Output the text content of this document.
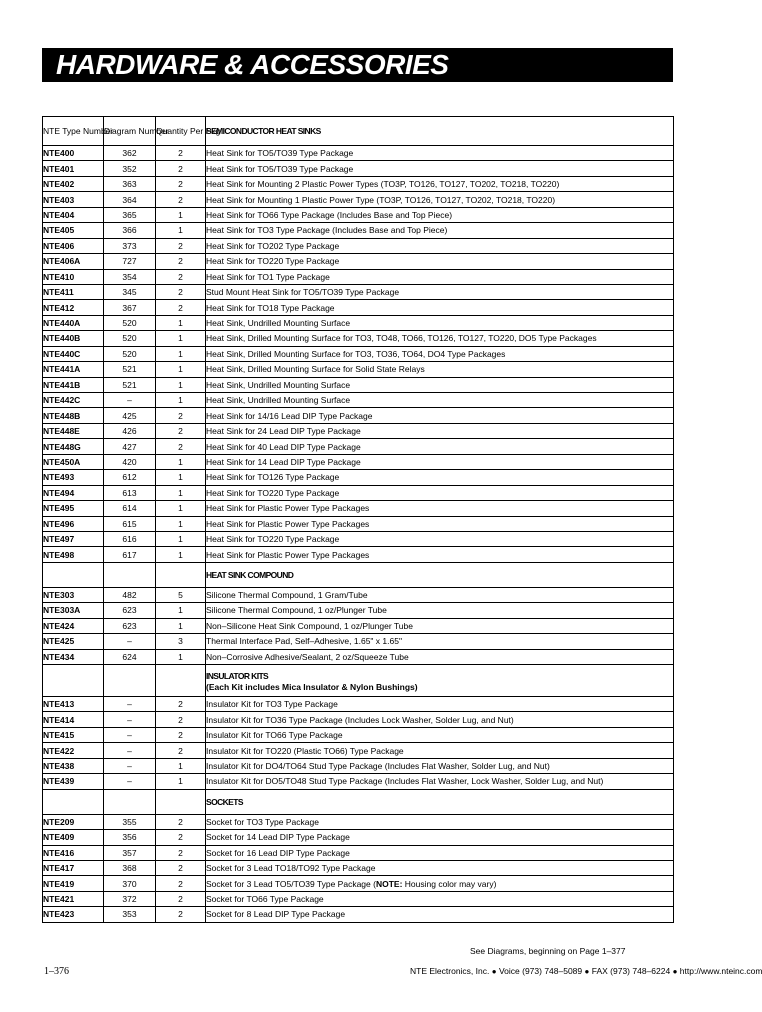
HARDWARE & ACCESSORIES
NTE Type Number	Diagram Number	Quantity Per Pkg	SEMICONDUCTOR HEAT SINKS
NTE400	362	2	Heat Sink for TO5/TO39 Type Package
NTE401	352	2	Heat Sink for TO5/TO39 Type Package
NTE402	363	2	Heat Sink for Mounting 2 Plastic Power Types (TO3P, TO126, TO127, TO202, TO218, TO220)
NTE403	364	2	Heat Sink for Mounting 1 Plastic Power Type (TO3P, TO126, TO127, TO202, TO218, TO220)
NTE404	365	1	Heat Sink for TO66 Type Package (Includes Base and Top Piece)
NTE405	366	1	Heat Sink for TO3 Type Package (Includes Base and Top Piece)
NTE406	373	2	Heat Sink for TO202 Type Package
NTE406A	727	2	Heat Sink for TO220 Type Package
NTE410	354	2	Heat Sink for TO1 Type Package
NTE411	345	2	Stud Mount Heat Sink for TO5/TO39 Type Package
NTE412	367	2	Heat Sink for TO18 Type Package
NTE440A	520	1	Heat Sink, Undrilled Mounting Surface
NTE440B	520	1	Heat Sink, Drilled Mounting Surface for TO3, TO48, TO66, TO126, TO127, TO220, DO5 Type Packages
NTE440C	520	1	Heat Sink, Drilled Mounting Surface for TO3, TO36, TO64, DO4 Type Packages
NTE441A	521	1	Heat Sink, Drilled Mounting Surface for Solid State Relays
NTE441B	521	1	Heat Sink, Undrilled Mounting Surface
NTE442C	–	1	Heat Sink, Undrilled Mounting Surface
NTE448B	425	2	Heat Sink for 14/16 Lead DIP Type Package
NTE448E	426	2	Heat Sink for 24 Lead DIP Type Package
NTE448G	427	2	Heat Sink for 40 Lead DIP Type Package
NTE450A	420	1	Heat Sink for 14 Lead DIP Type Package
NTE493	612	1	Heat Sink for TO126 Type Package
NTE494	613	1	Heat Sink for TO220 Type Package
NTE495	614	1	Heat Sink for Plastic Power Type Packages
NTE496	615	1	Heat Sink for Plastic Power Type Packages
NTE497	616	1	Heat Sink for TO220 Type Package
NTE498	617	1	Heat Sink for Plastic Power Type Packages
			HEAT SINK COMPOUND
NTE303	482	5	Silicone Thermal Compound, 1 Gram/Tube
NTE303A	623	1	Silicone Thermal Compound, 1 oz/Plunger Tube
NTE424	623	1	Non–Silicone Heat Sink Compound, 1 oz/Plunger Tube
NTE425	–	3	Thermal Interface Pad, Self–Adhesive, 1.65" x 1.65"
NTE434	624	1	Non–Corrosive Adhesive/Sealant, 2 oz/Squeeze Tube
			INSULATOR KITS
(Each Kit includes Mica Insulator & Nylon Bushings)

NTE413	–	2	Insulator Kit for TO3 Type Package
NTE414	–	2	Insulator Kit for TO36 Type Package (Includes Lock Washer, Solder Lug, and Nut)
NTE415	–	2	Insulator Kit for TO66 Type Package
NTE422	–	2	Insulator Kit for TO220 (Plastic TO66) Type Package
NTE438	–	1	Insulator Kit for DO4/TO64 Stud Type Package (Includes Flat Washer, Solder Lug, and Nut)
NTE439	–	1	Insulator Kit for DO5/TO48 Stud Type Package (Includes Flat Washer, Lock Washer, Solder Lug, and Nut)
			SOCKETS
NTE209	355	2	Socket for TO3 Type Package
NTE409	356	2	Socket for 14 Lead DIP Type Package
NTE416	357	2	Socket for 16 Lead DIP Type Package
NTE417	368	2	Socket for 3 Lead TO18/TO92 Type Package
NTE419	370	2	Socket for 3 Lead TO5/TO39 Type Package (NOTE: Housing color may vary)
NTE421	372	2	Socket for TO66 Type Package
NTE423	353	2	Socket for 8 Lead DIP Type Package
See Diagrams, beginning on Page 1–377
1–376	NTE Electronics, Inc. ● Voice (973) 748–5089 ● FAX (973) 748–6224 ● http://www.nteinc.com
